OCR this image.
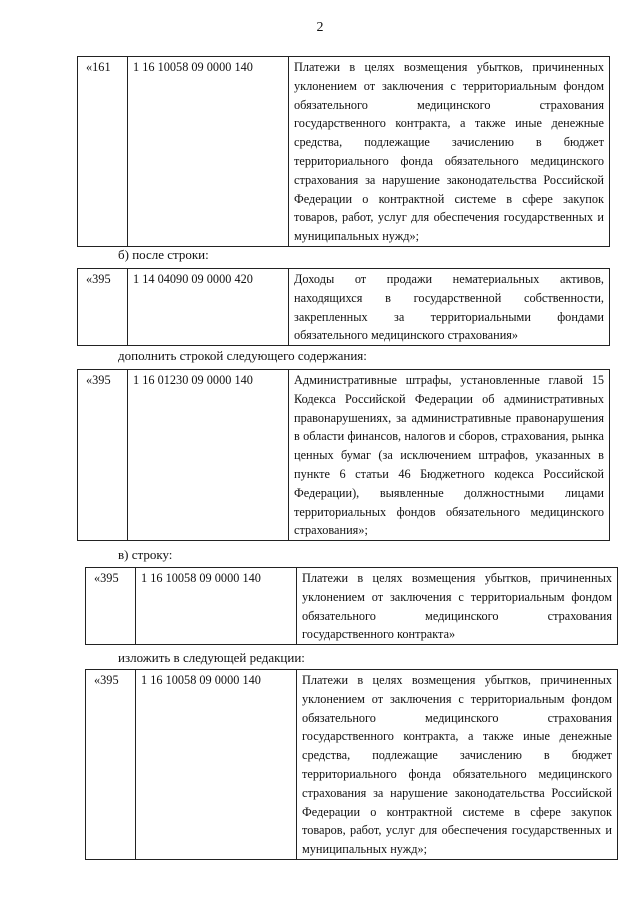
2
«161	1 16 10058 09 0000 140	Платежи в целях возмещения убытков, причиненных уклонением от заключения с территориальным фондом обязательного медицинского страхования государственного контракта, а также иные денежные средства, подлежащие зачислению в бюджет территориального фонда обязательного медицинского страхования за нарушение законодательства Российской Федерации о контрактной системе в сфере закупок товаров, работ, услуг для обеспечения государственных и муниципальных нужд»;
б) после строки:
«395	1 14 04090 09 0000 420	Доходы от продажи нематериальных активов, находящихся в государственной собственности, закрепленных за территориальными фондами обязательного медицинского страхования»
дополнить строкой следующего содержания:
«395	1 16 01230 09 0000 140	Административные штрафы, установленные главой 15 Кодекса Российской Федерации об административных правонарушениях, за административные правонарушения в области финансов, налогов и сборов, страхования, рынка ценных бумаг (за исключением штрафов, указанных в пункте 6 статьи 46 Бюджетного кодекса Российской Федерации), выявленные должностными лицами территориальных фондов обязательного медицинского страхования»;
в) строку:
«395	1 16 10058 09 0000 140	Платежи в целях возмещения убытков, причиненных уклонением от заключения с территориальным фондом обязательного медицинского страхования государственного контракта»
изложить в следующей редакции:
«395	1 16 10058 09 0000 140	Платежи в целях возмещения убытков, причиненных уклонением от заключения с территориальным фондом обязательного медицинского страхования государственного контракта, а также иные денежные средства, подлежащие зачислению в бюджет территориального фонда обязательного медицинского страхования за нарушение законодательства Российской Федерации о контрактной системе в сфере закупок товаров, работ, услуг для обеспечения государственных и муниципальных нужд»;
